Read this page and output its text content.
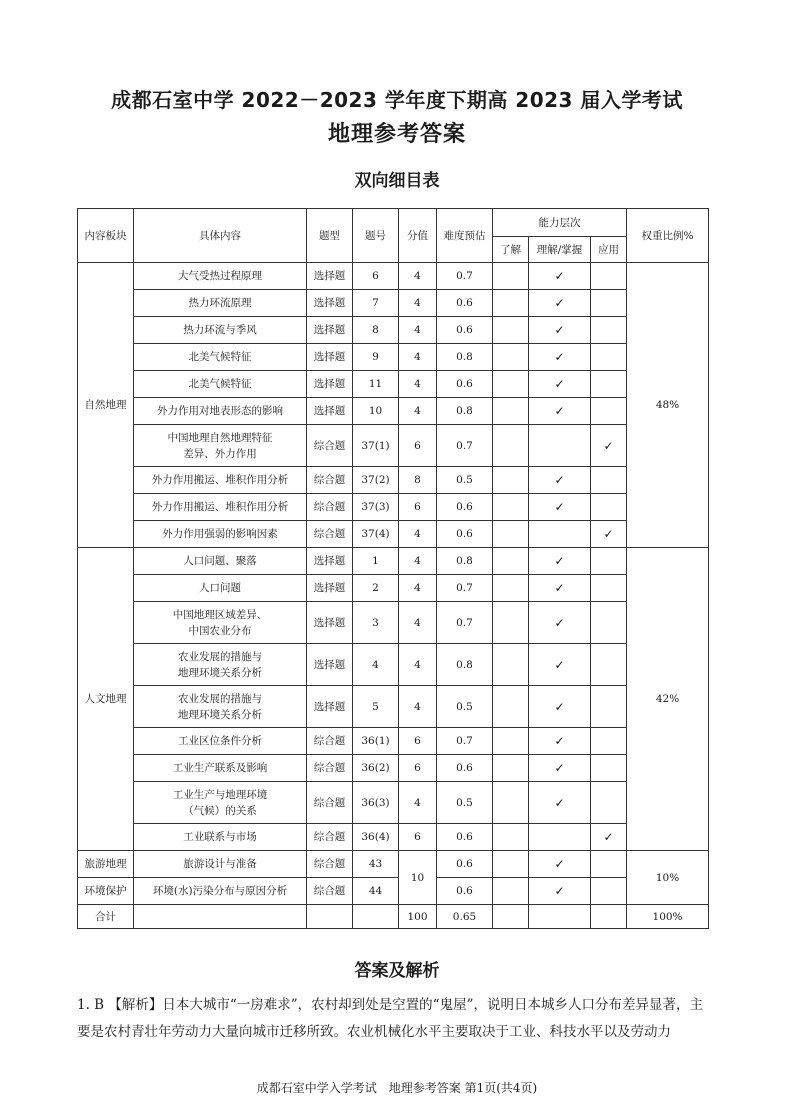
成都石室中学 2022－2023 学年度下期高 2023 届入学考试
地理参考答案
双向细目表
内容板块	具体内容	题型	题号	分值	难度预估	能力层次			权重比例%
						了解	理解/掌握	应用	
自然地理	大气受热过程原理	选择题	6	4	0.7		✓		48%
	热力环流原理	选择题	7	4	0.6		✓		
	热力环流与季风	选择题	8	4	0.6		✓		
	北美气候特征	选择题	9	4	0.8		✓		
	北美气候特征	选择题	11	4	0.6		✓		
	外力作用对地表形态的影响	选择题	10	4	0.8		✓		

	中国地理自然地理特征
差异、外力作用	综合题	37(1)	6	0.7			✓	
	外力作用搬运、堆积作用分析	综合题	37(2)	8	0.5		✓		
	外力作用搬运、堆积作用分析	综合题	37(3)	6	0.6		✓		
	外力作用强弱的影响因素	综合题	37(4)	4	0.6			✓	
人文地理	人口问题、聚落	选择题	1	4	0.8		✓		42%
	人口问题	选择题	2	4	0.7		✓		

	中国地理区域差异、
中国农业分布	选择题	3	4	0.7		✓		

	农业发展的措施与
地理环境关系分析	选择题	4	4	0.8		✓		

	农业发展的措施与
地理环境关系分析	选择题	5	4	0.5		✓		
	工业区位条件分析	综合题	36(1)	6	0.7		✓		
	工业生产联系及影响	综合题	36(2)	6	0.6		✓		

	工业生产与地理环境
（气候）的关系	综合题	36(3)	4	0.5		✓		
	工业联系与市场	综合题	36(4)	6	0.6			✓	
旅游地理	旅游设计与准备	综合题	43	10	0.6		✓		10%
环境保护	环境(水)污染分布与原因分析	综合题	44		0.6		✓		
合计				100	0.65				100%
答案及解析
1. B 【解析】日本大城市“一房难求”，农村却到处是空置的“鬼屋”，说明日本城乡人口分布差异显著，主
要是农村青壮年劳动力大量向城市迁移所致。农业机械化水平主要取决于工业、科技水平以及劳动力
成都石室中学入学考试　地理参考答案 第1页(共4页)
